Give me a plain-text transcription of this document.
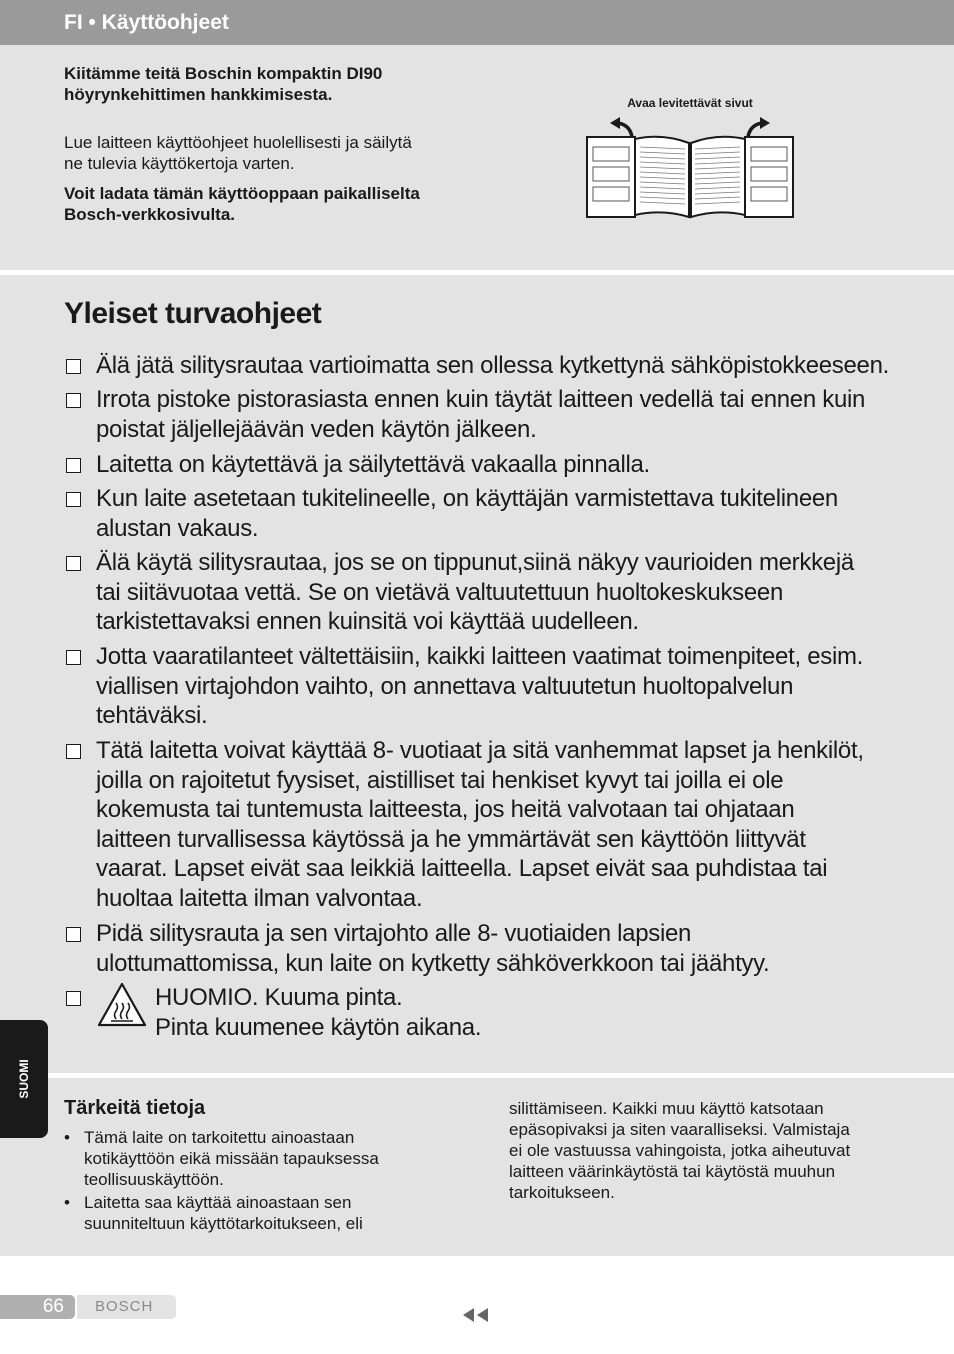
FI • Käyttöohjeet
Kiitämme teitä Boschin kompaktin DI90
höyrynkehittimen hankkimisesta.
Lue laitteen käyttöohjeet huolellisesti ja säilytä
ne tulevia käyttökertoja varten.
Voit ladata tämän käyttöoppaan paikalliselta
Bosch-verkkosivulta.
Avaa levitettävät sivut
Yleiset turvaohjeet
Älä jätä silitysrautaa vartioimatta sen ollessa kytkettynä sähköpistokkeeseen.
Irrota pistoke pistorasiasta ennen kuin täytät laitteen vedellä tai ennen kuin
poistat jäljellejäävän veden käytön jälkeen.
Laitetta on käytettävä ja säilytettävä vakaalla pinnalla.
Kun laite asetetaan tukitelineelle, on käyttäjän varmistettava tukitelineen
alustan vakaus.
Älä käytä silitysrautaa, jos se on tippunut,siinä näkyy vaurioiden merkkejä
tai siitävuotaa vettä. Se on vietävä valtuutettuun huoltokeskukseen
tarkistettavaksi ennen kuinsitä voi käyttää uudelleen.
Jotta vaaratilanteet vältettäisiin, kaikki laitteen vaatimat toimenpiteet, esim.
viallisen virtajohdon vaihto, on annettava valtuutetun huoltopalvelun
tehtäväksi.
Tätä laitetta voivat käyttää 8- vuotiaat ja sitä vanhemmat lapset ja henkilöt,
joilla on rajoitetut fyysiset, aistilliset tai henkiset kyvyt tai joilla ei ole
kokemusta tai tuntemusta laitteesta, jos heitä valvotaan tai ohjataan
laitteen turvallisessa käytössä ja he ymmärtävät sen käyttöön liittyvät
vaarat. Lapset eivät saa leikkiä laitteella. Lapset eivät saa puhdistaa tai
huoltaa laitetta ilman valvontaa.
Pidä silitysrauta ja sen virtajohto alle 8- vuotiaiden lapsien
ulottumattomissa, kun laite on kytketty sähköverkkoon tai jäähtyy.
HUOMIO. Kuuma pinta.
Pinta kuumenee käytön aikana.
Tärkeitä tietoja
• Tämä laite on tarkoitettu ainoastaan
kotikäyttöön eikä missään tapauksessa
teollisuuskäyttöön.
• Laitetta saa käyttää ainoastaan sen
suunniteltuun käyttötarkoitukseen, eli
silittämiseen. Kaikki muu käyttö katsotaan
epäsopivaksi ja siten vaaralliseksi. Valmistaja
ei ole vastuussa vahingoista, jotka aiheutuvat
laitteen väärinkäytöstä tai käytöstä muuhun
tarkoitukseen.
SUOMI
66 BOSCH
